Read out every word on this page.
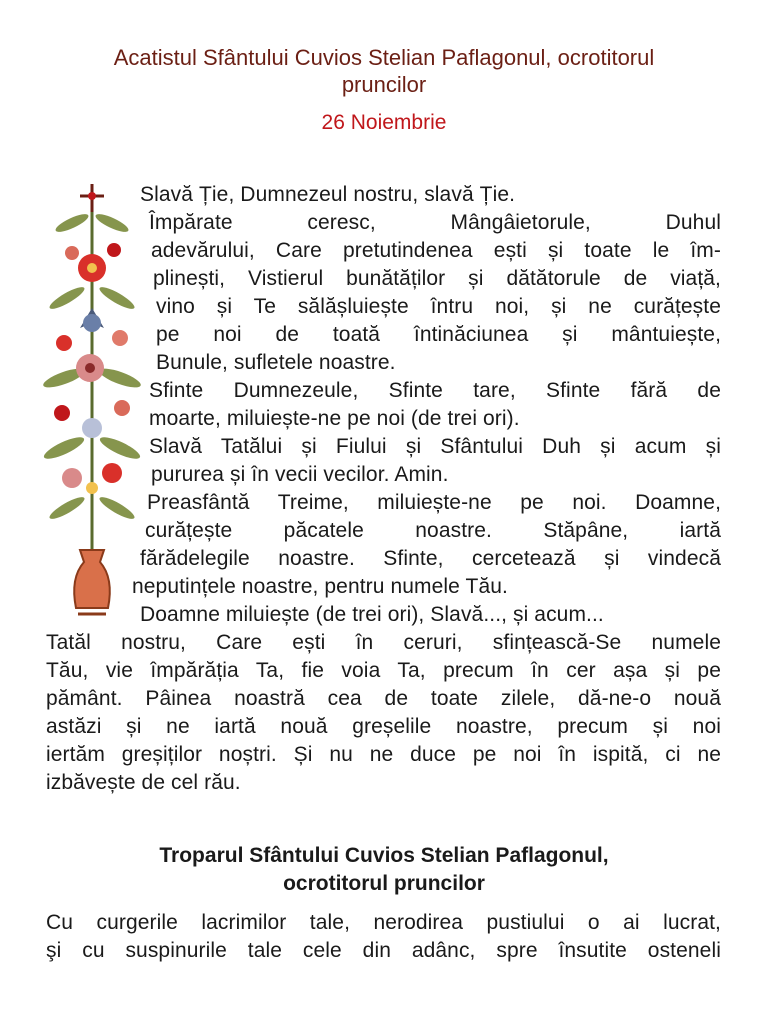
Acatistul Sfântului Cuvios Stelian Paflagonul, ocrotitorul
pruncilor
26 Noiembrie
Slavă Ție, Dumnezeul nostru, slavă Ție.
Împărate ceresc, Mângâietorule, Duhul
adevărului, Care pretutindenea ești și toate le îm-
plinești, Vistierul bunătăților și dătătorule de viață,
vino și Te sălășluiește întru noi, și ne curățește
pe noi de toată întinăciunea și mântuiește,
Bunule, sufletele noastre.
Sfinte Dumnezeule, Sfinte tare, Sfinte fără de
moarte, miluiește-ne pe noi (de trei ori).
Slavă Tatălui și Fiului și Sfântului Duh și acum și
pururea și în vecii vecilor. Amin.
Preasfântă Treime, miluiește-ne pe noi. Doamne,
curățește păcatele noastre. Stăpâne, iartă
fărădelegile noastre. Sfinte, cercetează și vindecă
neputințele noastre, pentru numele Tău.
Doamne miluiește (de trei ori), Slavă..., și acum...
Tatăl nostru, Care ești în ceruri, sfințească-Se numele
Tău, vie împărăția Ta, fie voia Ta, precum în cer așa și pe
pământ. Pâinea noastră cea de toate zilele, dă-ne-o nouă
astăzi și ne iartă nouă greșelile noastre, precum și noi
iertăm greșiților noștri. Și nu ne duce pe noi în ispită, ci ne
izbăvește de cel rău.
Troparul Sfântului Cuvios Stelian Paflagonul,
ocrotitorul pruncilor
Cu curgerile lacrimilor tale, nerodirea pustiului o ai lucrat,
şi cu suspinurile tale cele din adânc, spre însutite osteneli
